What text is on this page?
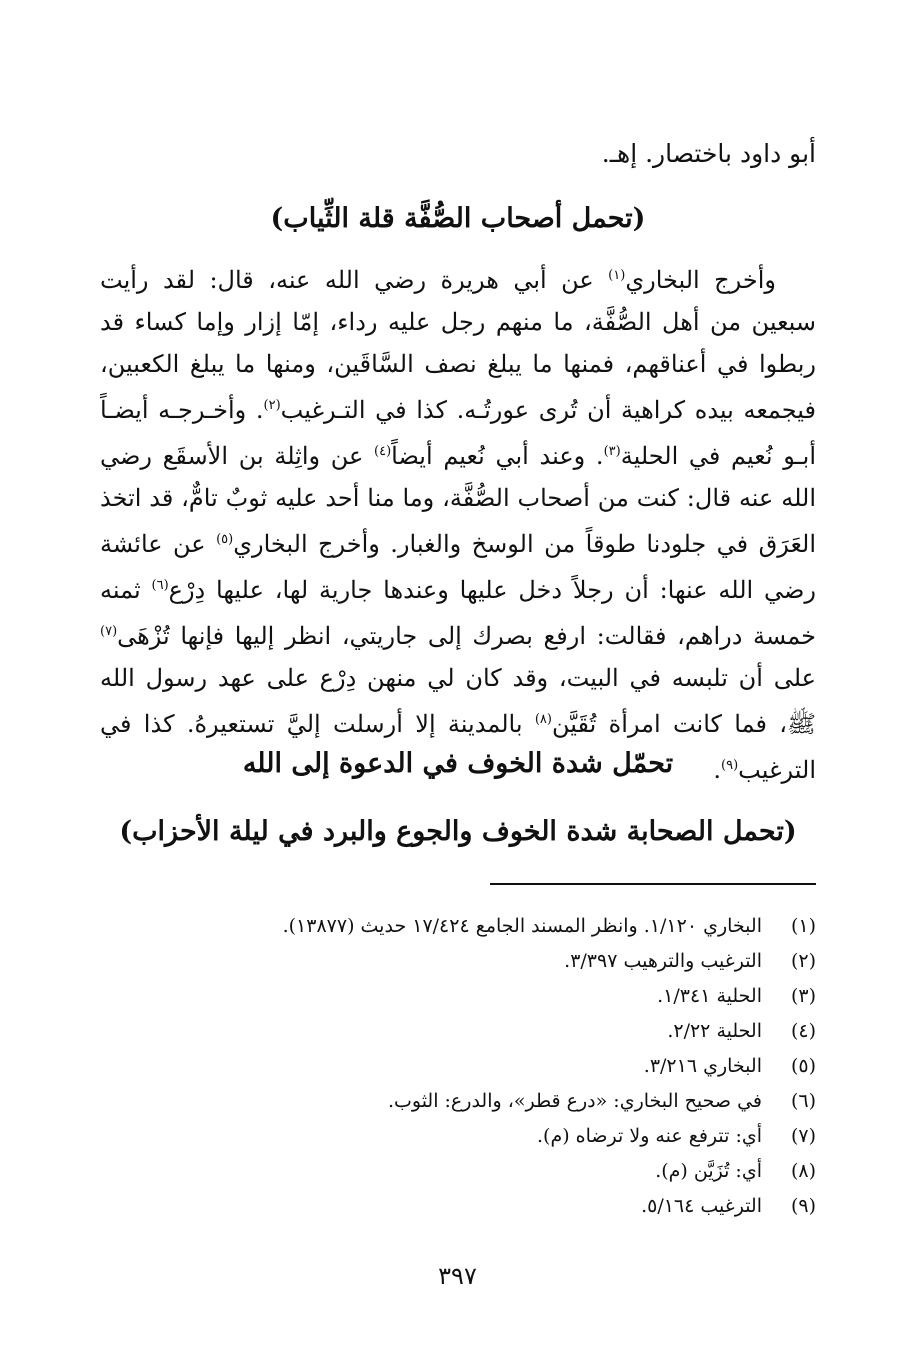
أبو داود باختصار. إهـ.
(تحمل أصحاب الصُّفَّة قلة الثِّياب)
وأخرج البخاري$^{(١)}$ عن أبي هريرة رضي الله عنه، قال: لقد رأيت سبعين من أهل الصُّفَّة، ما منهم رجل عليه رداء، إمّا إزار وإما كساء قد ربطوا في أعناقهم، فمنها ما يبلغ نصف السَّاقَين، ومنها ما يبلغ الكعبين، فيجمعه بيده كراهية أن تُرى عورتُـه. كذا في التـرغيب$^{(٢)}$. وأخـرجـه أيضـاً أبـو نُعيم في الحلية$^{(٣)}$. وعند أبي نُعيم أيضاً$^{(٤)}$ عن واثِلة بن الأسقَع رضي الله عنه قال: كنت من أصحاب الصُّفَّة، وما منا أحد عليه ثوبٌ تامٌّ، قد اتخذ العَرَق في جلودنا طوقاً من الوسخ والغبار. وأخرج البخاري$^{(٥)}$ عن عائشة رضي الله عنها: أن رجلاً دخل عليها وعندها جارية لها، عليها دِرْع$^{(٦)}$ ثمنه خمسة دراهم، فقالت: ارفع بصرك إلى جاريتي، انظر إليها فإنها تُزْهَى$^{(٧)}$ على أن تلبسه في البيت، وقد كان لي منهن دِرْع على عهد رسول الله ﷺ، فما كانت امرأة تُقَيَّن$^{(٨)}$ بالمدينة إلا أرسلت إليَّ تستعيرهُ. كذا في الترغيب$^{(٩)}$.
تحمّل شدة الخوف في الدعوة إلى الله
(تحمل الصحابة شدة الخوف والجوع والبرد في ليلة الأحزاب)
(١)
البخاري ١/١٢٠. وانظر المسند الجامع ١٧/٤٢٤ حديث (١٣٨٧٧).
(٢)
الترغيب والترهيب ٣/٣٩٧.
(٣)
الحلية ١/٣٤١.
(٤)
الحلية ٢/٢٢.
(٥)
البخاري ٣/٢١٦.
(٦)
في صحيح البخاري: «درع قطر»، والدرع: الثوب.
(٧)
أي: تترفع عنه ولا ترضاه (م).
(٨)
أي: تُزَيَّن (م).
(٩)
الترغيب ٥/١٦٤.
٣٩٧
